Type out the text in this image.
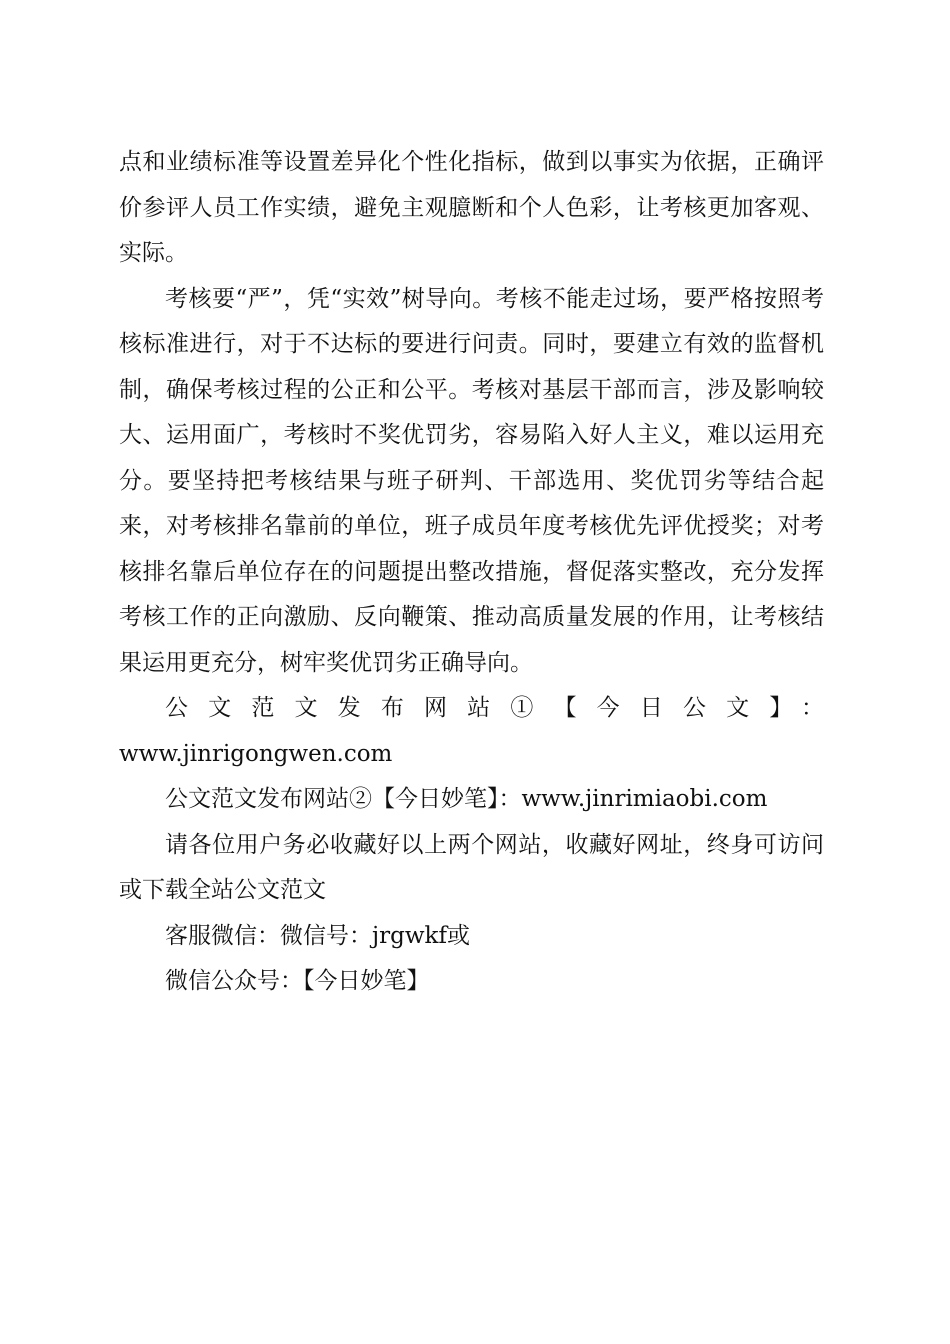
点和业绩标准等设置差异化个性化指标，做到以事实为依据，正确评价参评人员工作实绩，避免主观臆断和个人色彩，让考核更加客观、实际。

考核要“严”，凭“实效”树导向。考核不能走过场，要严格按照考核标准进行，对于不达标的要进行问责。同时，要建立有效的监督机制，确保考核过程的公正和公平。考核对基层干部而言，涉及影响较大、运用面广，考核时不奖优罚劣，容易陷入好人主义，难以运用充分。要坚持把考核结果与班子研判、干部选用、奖优罚劣等结合起来，对考核排名靠前的单位，班子成员年度考核优先评优授奖；对考核排名靠后单位存在的问题提出整改措施，督促落实整改，充分发挥考核工作的正向激励、反向鞭策、推动高质量发展的作用，让考核结果运用更充分，树牢奖优罚劣正确导向。

公文范文发布网站①【今日公文】：

www.jinrigongwen.com

公文范文发布网站②【今日妙笔】：www.jinrimiaobi.com

请各位用户务必收藏好以上两个网站，收藏好网址，终身可访问或下载全站公文范文

客服微信：微信号：jrgwkf或

微信公众号：【今日妙笔】
